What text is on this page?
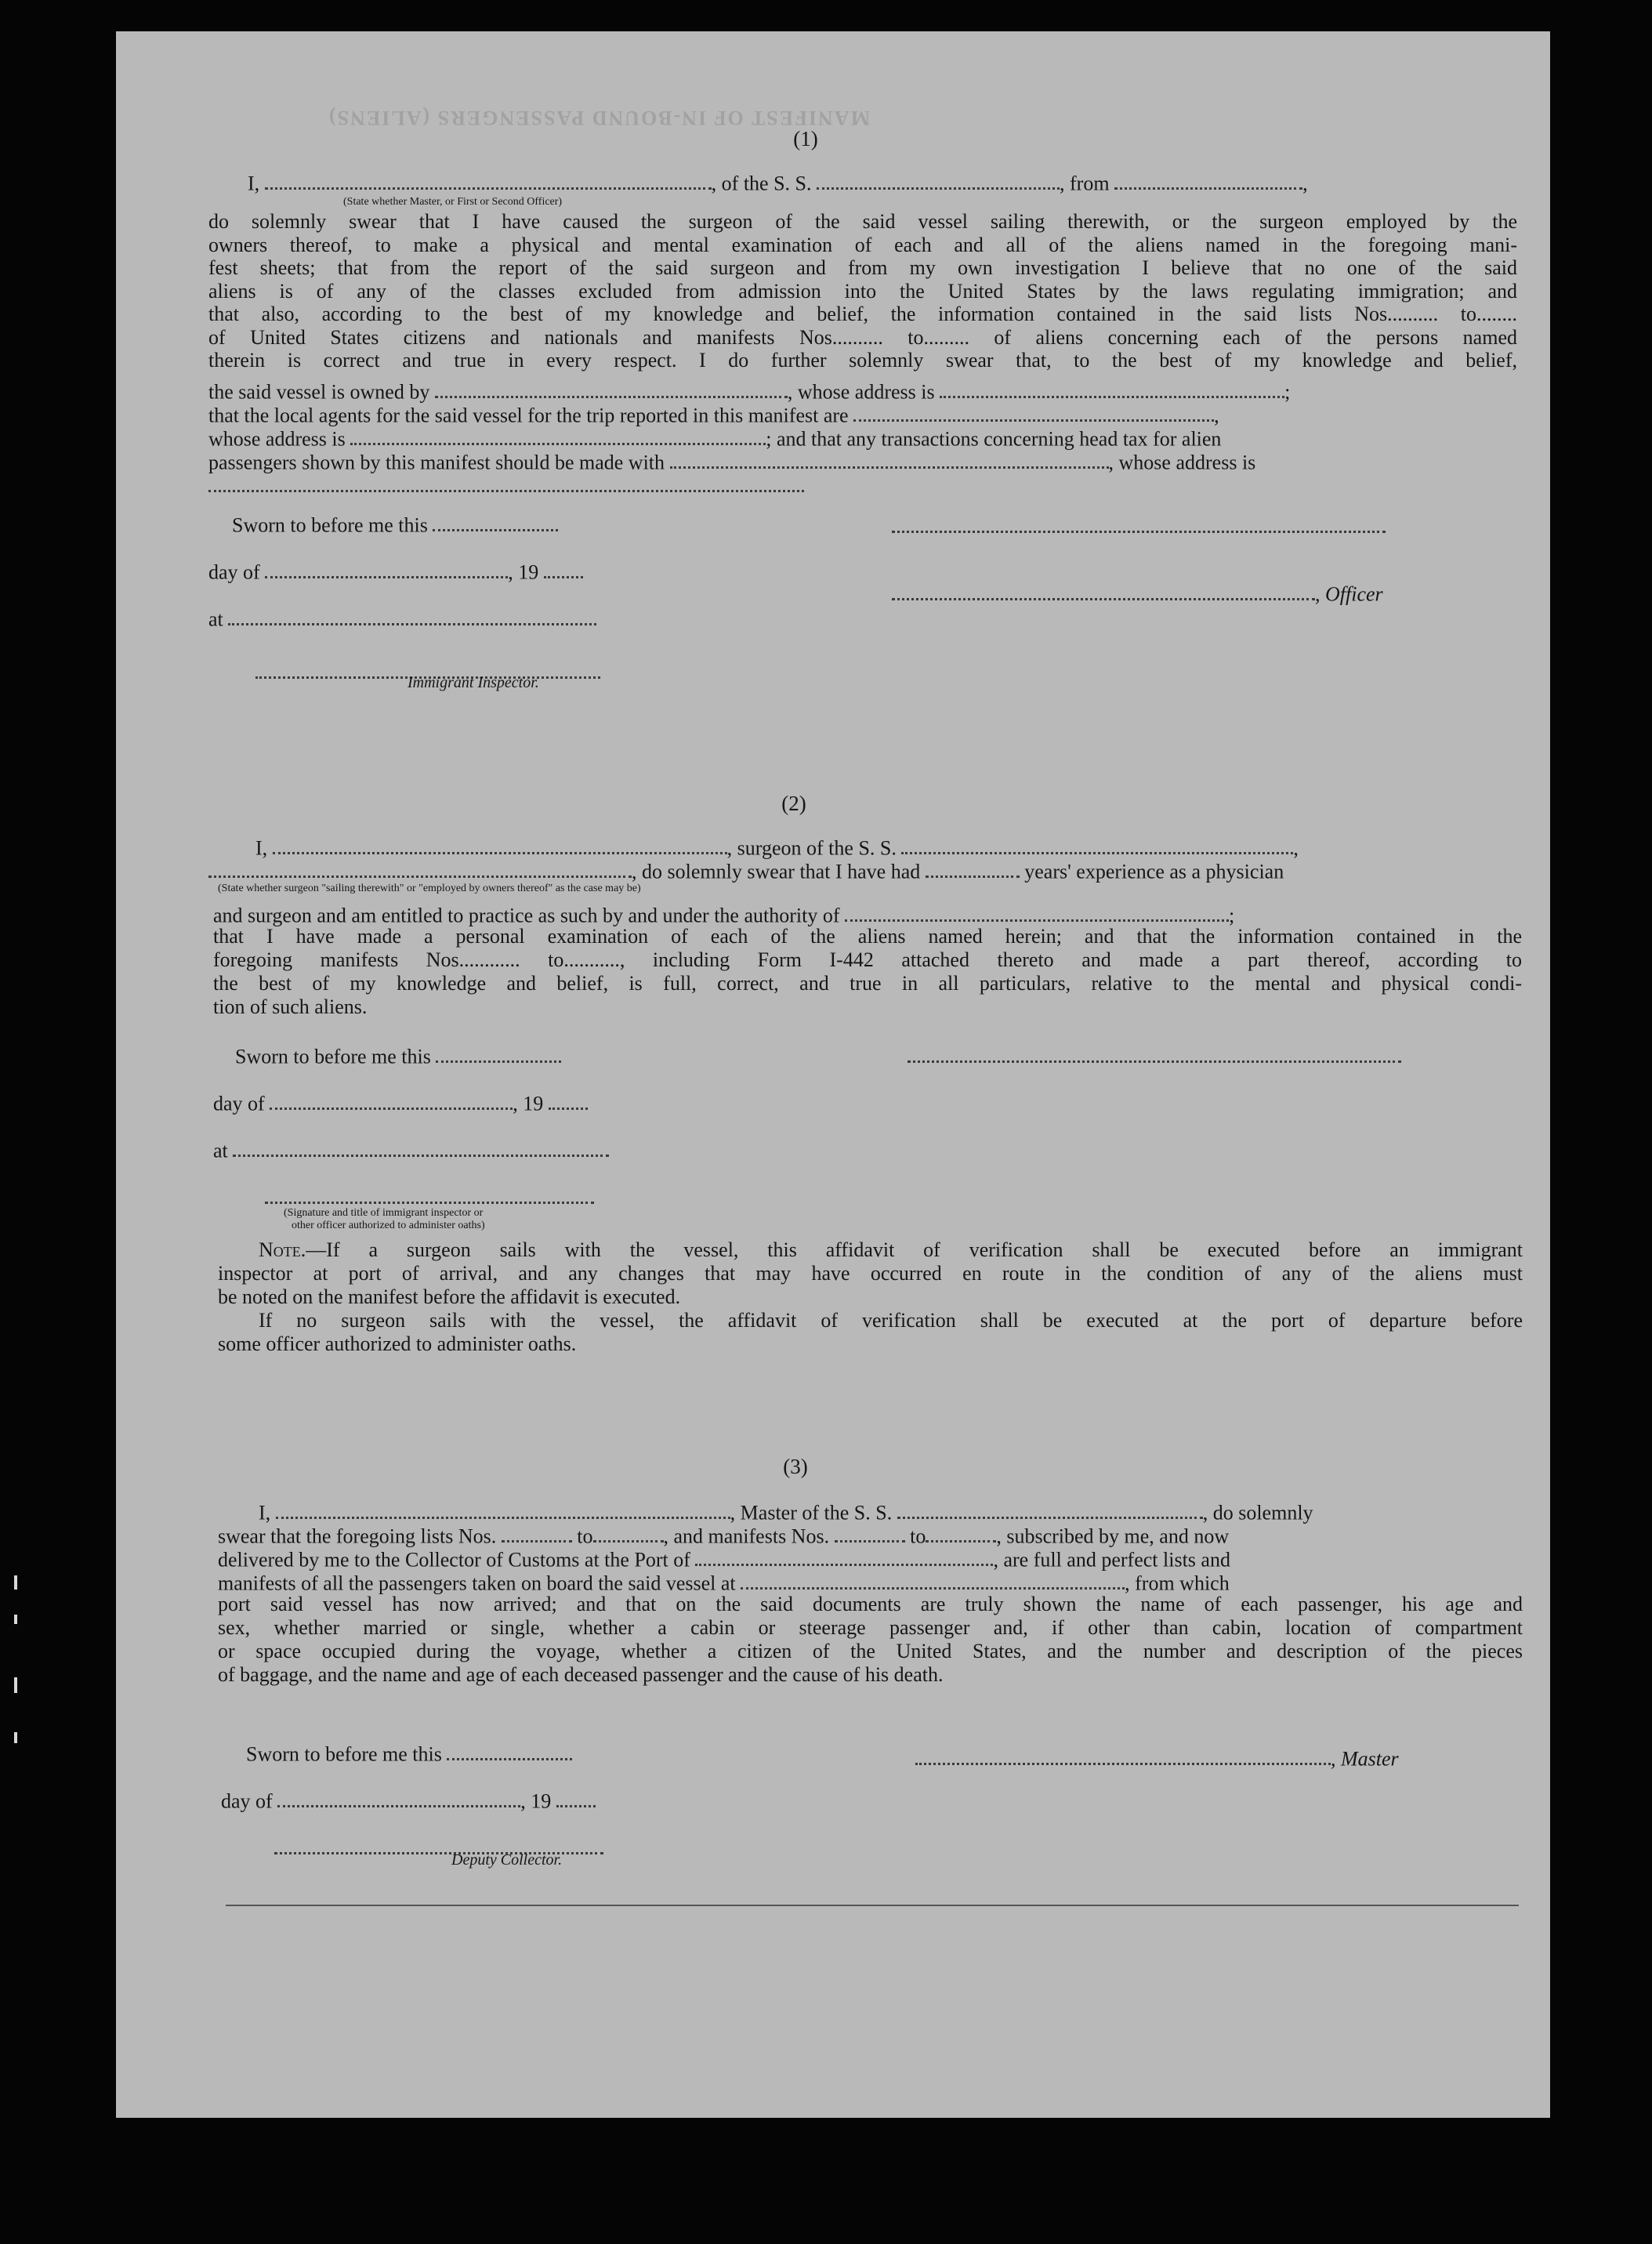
MANIFEST OF IN-BOUND PASSENGERS (ALIENS)
(1)
I,	, of the S. S.	, from	,
(State whether Master, or First or Second Officer)
do solemnly swear that I have caused the surgeon of the said vessel sailing therewith, or the surgeon employed by the
owners thereof, to make a physical and mental examination of each and all of the aliens named in the foregoing mani-
fest sheets; that from the report of the said surgeon and from my own investigation I believe that no one of the said
aliens is of any of the classes excluded from admission into the United States by the laws regulating immigration; and
that also, according to the best of my knowledge and belief, the information contained in the said lists Nos.......... to........
of United States citizens and nationals and manifests Nos.......... to......... of aliens concerning each of the persons named
therein is correct and true in every respect. I do further solemnly swear that, to the best of my knowledge and belief,
the said vessel is owned by	, whose address is	;
that the local agents for the said vessel for the trip reported in this manifest are	,
whose address is	; and that any transactions concerning head tax for alien
passengers shown by this manifest should be made with	, whose address is
Sworn to before me this
day of	, 19
at
Immigrant Inspector.
, Officer
(2)
I,	, surgeon of the S. S.	,
, do solemnly swear that I have had	years' experience as a physician
(State whether surgeon "sailing therewith" or "employed by owners thereof" as the case may be)
and surgeon and am entitled to practice as such by and under the authority of	;
that I have made a personal examination of each of the aliens named herein; and that the information contained in the
foregoing manifests Nos............ to..........., including Form I-442 attached thereto and made a part thereof, according to
the best of my knowledge and belief, is full, correct, and true in all particulars, relative to the mental and physical condi-
tion of such aliens.
Sworn to before me this
day of	, 19
at
(Signature and title of immigrant inspector or
other officer authorized to administer oaths)
Note.—If a surgeon sails with the vessel, this affidavit of verification shall be executed before an immigrant
inspector at port of arrival, and any changes that may have occurred en route in the condition of any of the aliens must
be noted on the manifest before the affidavit is executed.
If no surgeon sails with the vessel, the affidavit of verification shall be executed at the port of departure before
some officer authorized to administer oaths.
(3)
I,	, Master of the S. S.	, do solemnly
swear that the foregoing lists Nos.	to	, and manifests Nos.	to	, subscribed by me, and now
delivered by me to the Collector of Customs at the Port of	, are full and perfect lists and
manifests of all the passengers taken on board the said vessel at	, from which
port said vessel has now arrived; and that on the said documents are truly shown the name of each passenger, his age and
sex, whether married or single, whether a cabin or steerage passenger and, if other than cabin, location of compartment
or space occupied during the voyage, whether a citizen of the United States, and the number and description of the pieces
of baggage, and the name and age of each deceased passenger and the cause of his death.
Sworn to before me this	, Master
day of	, 19
Deputy Collector.
